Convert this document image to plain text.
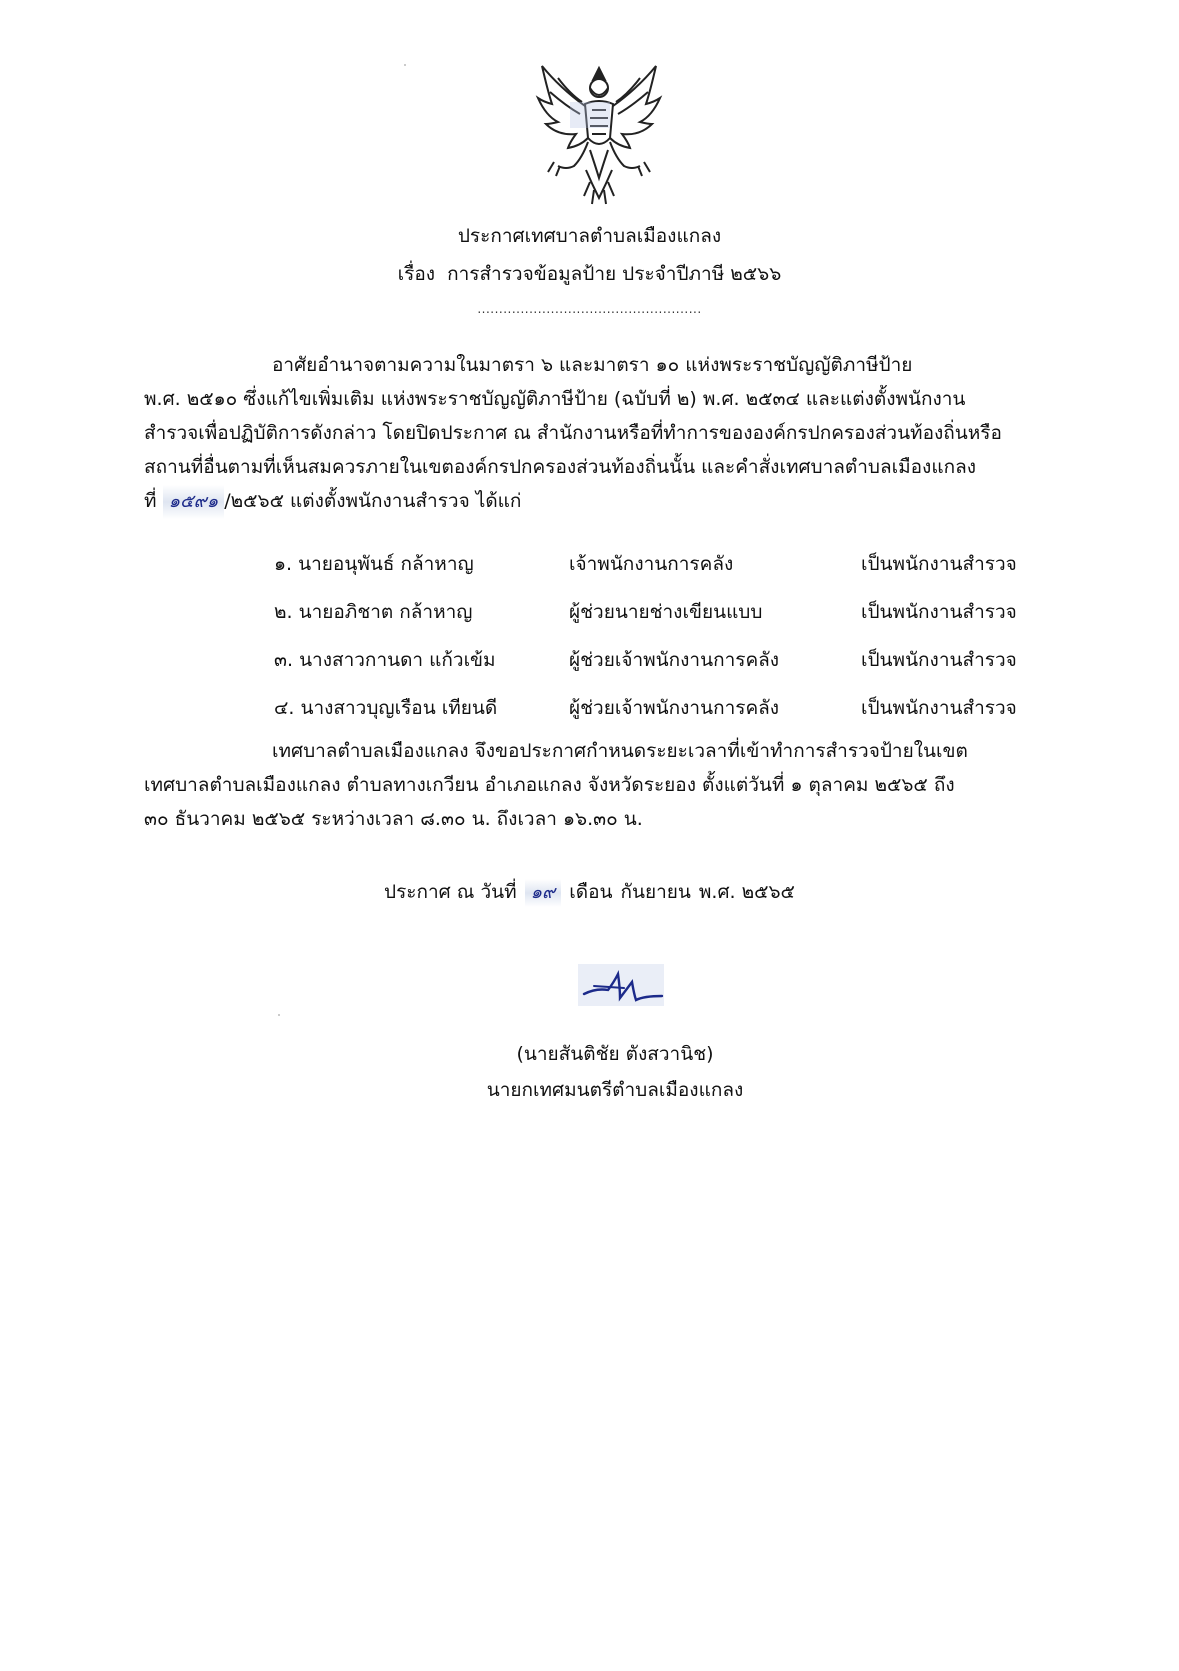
ประกาศเทศบาลตำบลเมืองแกลง
เรื่อง การสำรวจข้อมูลป้าย ประจำปีภาษี ๒๕๖๖
....................................................
อาศัยอำนาจตามความในมาตรา ๖ และมาตรา ๑๐ แห่งพระราชบัญญัติภาษีป้าย
พ.ศ. ๒๕๑๐ ซึ่งแก้ไขเพิ่มเติม แห่งพระราชบัญญัติภาษีป้าย (ฉบับที่ ๒) พ.ศ. ๒๕๓๔ และแต่งตั้งพนักงาน
สำรวจเพื่อปฏิบัติการดังกล่าว โดยปิดประกาศ ณ สำนักงานหรือที่ทำการขององค์กรปกครองส่วนท้องถิ่นหรือ
สถานที่อื่นตามที่เห็นสมควรภายในเขตองค์กรปกครองส่วนท้องถิ่นนั้น และคำสั่งเทศบาลตำบลเมืองแกลง
ที่ ๑๕๙๑ /๒๕๖๕ แต่งตั้งพนักงานสำรวจ ได้แก่
๑. นายอนุพันธ์ กล้าหาญ	เจ้าพนักงานการคลัง	เป็นพนักงานสำรวจ
๒. นายอภิชาต กล้าหาญ	ผู้ช่วยนายช่างเขียนแบบ	เป็นพนักงานสำรวจ
๓. นางสาวกานดา แก้วเข้ม	ผู้ช่วยเจ้าพนักงานการคลัง	เป็นพนักงานสำรวจ
๔. นางสาวบุญเรือน เทียนดี	ผู้ช่วยเจ้าพนักงานการคลัง	เป็นพนักงานสำรวจ
เทศบาลตำบลเมืองแกลง จึงขอประกาศกำหนดระยะเวลาที่เข้าทำการสำรวจป้ายในเขต
เทศบาลตำบลเมืองแกลง ตำบลทางเกวียน อำเภอแกลง จังหวัดระยอง ตั้งแต่วันที่ ๑ ตุลาคม ๒๕๖๕ ถึง
๓๐ ธันวาคม ๒๕๖๕ ระหว่างเวลา ๘.๓๐ น. ถึงเวลา ๑๖.๓๐ น.
ประกาศ ณ วันที่ ๑๙ เดือน กันยายน พ.ศ. ๒๕๖๕
(นายสันติชัย ตังสวานิช)
นายกเทศมนตรีตำบลเมืองแกลง
